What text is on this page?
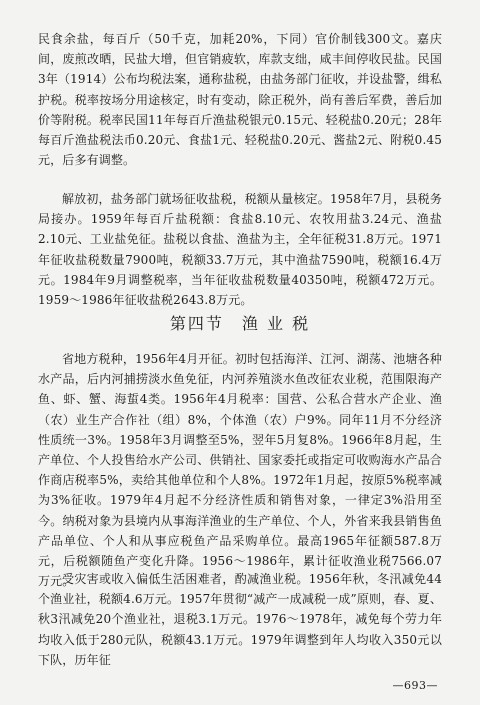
民食余盐，每百斤（50千克，加耗20%，下同）官价制钱300文。嘉庆间，废煎改晒，民盐大增，但官销疲软，库款支绌，咸丰间停收民盐。民国3年（1914）公布均税法案，通称盐税，由盐务部门征收，并设盐警，缉私护税。税率按场分用途核定，时有变动，除正税外，尚有善后军费，善后加价等附税。税率民国11年每百斤渔盐税银元0.15元、轻税盐0.20元；28年每百斤渔盐税法币0.20元、食盐1元、轻税盐0.20元、酱盐2元、附税0.45元，后多有调整。

解放初，盐务部门就场征收盐税，税额从量核定。1958年7月，县税务局接办。1959年每百斤盐税额：食盐8.10元、农牧用盐3.24元、渔盐2.10元、工业盐免征。盐税以食盐、渔盐为主，全年征税31.8万元。1971年征收盐税数量7900吨，税额33.7万元，其中渔盐7590吨，税额16.4万元。1984年9月调整税率，当年征收盐税数量40350吨，税额472万元。1959～1986年征收盐税2643.8万元。

第四节　渔 业 税

省地方税种，1956年4月开征。初时包括海洋、江河、湖荡、池塘各种水产品，后内河捕捞淡水鱼免征，内河养殖淡水鱼改征农业税，范围限海产鱼、虾、蟹、海蜇4类。1956年4月税率：国营、公私合营水产企业、渔（农）业生产合作社（组）8%，个体渔（农）户9%。同年11月不分经济性质统一3%。1958年3月调整至5%，翌年5月复8%。1966年8月起，生产单位、个人投售给水产公司、供销社、国家委托或指定可收购海水产品合作商店税率5%，卖给其他单位和个人8%。1972年1月起，按原5%税率减为3%征收。1979年4月起不分经济性质和销售对象，一律定3%沿用至今。纳税对象为县境内从事海洋渔业的生产单位、个人，外省来我县销售鱼产品单位、个人和从事应税鱼产品采购单位。最高1965年征额587.8万元，后税额随鱼产变化升降。1956～1986年，累计征收渔业税7566.07万元。

受灾害或收入偏低生活困难者，酌减渔业税。1956年秋，冬汛减免44个渔业社，税额4.6万元。1957年贯彻“减产一成减税一成”原则，春、夏、秋3汛减免20个渔业社，退税3.1万元。1976～1978年，减免每个劳力年均收入低于280元队，税额43.1万元。1979年调整到年人均收入350元以下队，历年征

—693—
